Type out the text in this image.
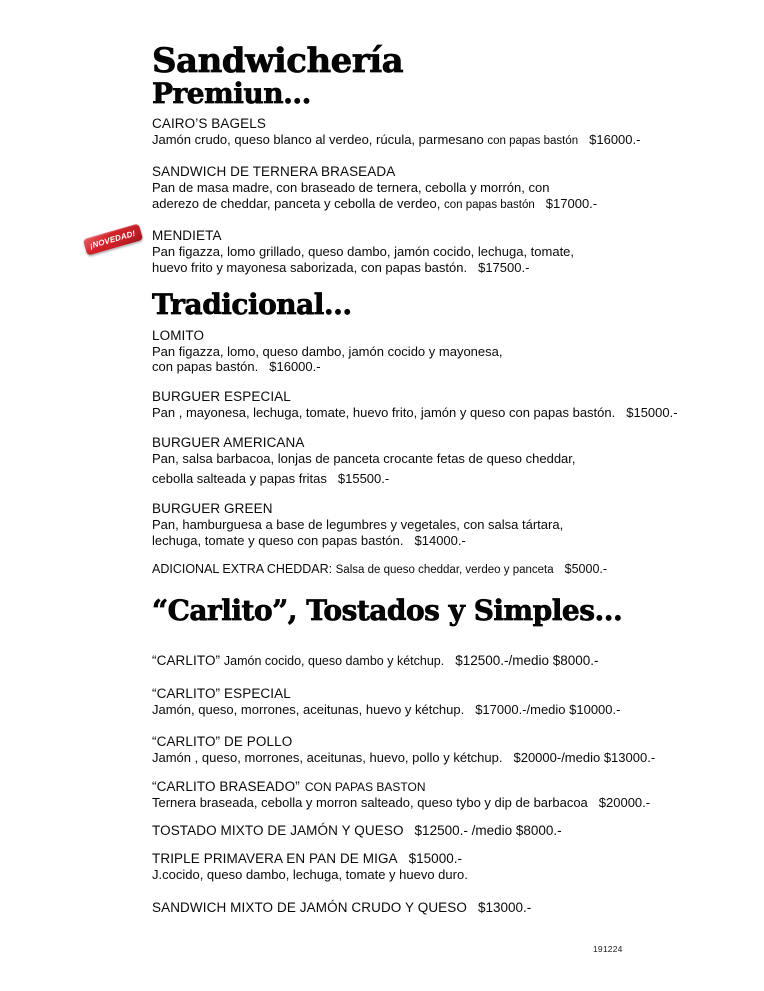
¡NOVEDAD!
Sandwichería
Premiun...
CAIRO’S BAGELS
Jamón crudo, queso blanco al verdeo, rúcula, parmesano con papas bastón $16000.-
SANDWICH DE TERNERA BRASEADA
Pan de masa madre, con braseado de ternera, cebolla y morrón, con
aderezo de cheddar, panceta y cebolla de verdeo, con papas bastón $17000.-
MENDIETA
Pan figazza, lomo grillado, queso dambo, jamón cocido, lechuga, tomate,
huevo frito y mayonesa saborizada, con papas bastón. $17500.-
Tradicional...
LOMITO
Pan figazza, lomo, queso dambo, jamón cocido y mayonesa,
con papas bastón. $16000.-
BURGUER ESPECIAL
Pan , mayonesa, lechuga, tomate, huevo frito, jamón y queso con papas bastón. $15000.-
BURGUER AMERICANA
Pan, salsa barbacoa, lonjas de panceta crocante fetas de queso cheddar,
cebolla salteada y papas fritas $15500.-
BURGUER GREEN
Pan, hamburguesa a base de legumbres y vegetales, con salsa tártara,
lechuga, tomate y queso con papas bastón. $14000.-
ADICIONAL EXTRA CHEDDAR: Salsa de queso cheddar, verdeo y panceta $5000.-
“Carlito”, Tostados y Simples...
“CARLITO” Jamón cocido, queso dambo y kétchup. $12500.-/medio $8000.-
“CARLITO” ESPECIAL
Jamón, queso, morrones, aceitunas, huevo y kétchup. $17000.-/medio $10000.-
“CARLITO” DE POLLO
Jamón , queso, morrones, aceitunas, huevo, pollo y kétchup. $20000-/medio $13000.-
“CARLITO BRASEADO” CON PAPAS BASTON
Ternera braseada, cebolla y morron salteado, queso tybo y dip de barbacoa $20000.-
TOSTADO MIXTO DE JAMÓN Y QUESO $12500.- /medio $8000.-
TRIPLE PRIMAVERA EN PAN DE MIGA $15000.-
J.cocido, queso dambo, lechuga, tomate y huevo duro.
SANDWICH MIXTO DE JAMÓN CRUDO Y QUESO $13000.-
191224
